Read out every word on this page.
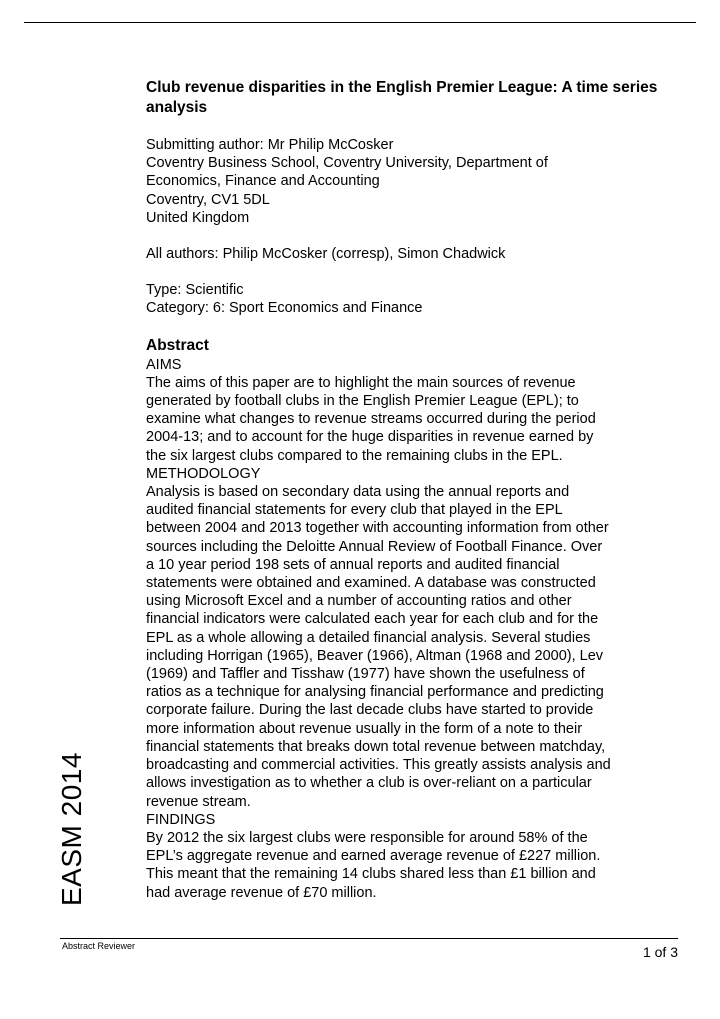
Club revenue disparities in the English Premier League: A time series analysis
Submitting author: Mr Philip McCosker
Coventry Business School, Coventry University, Department of
Economics, Finance and Accounting
Coventry, CV1 5DL
United Kingdom
All authors: Philip McCosker (corresp), Simon Chadwick
Type: Scientific
Category: 6: Sport Economics and Finance
Abstract
AIMS
The aims of this paper are to highlight the main sources of revenue
generated by football clubs in the English Premier League (EPL); to
examine what changes to revenue streams occurred during the period
2004-13; and to account for the huge disparities in revenue earned by
the six largest clubs compared to the remaining clubs in the EPL.
METHODOLOGY
Analysis is based on secondary data using the annual reports and
audited financial statements for every club that played in the EPL
between 2004 and 2013 together with accounting information from other
sources including the Deloitte Annual Review of Football Finance. Over
a 10 year period 198 sets of annual reports and audited financial
statements were obtained and examined. A database was constructed
using Microsoft Excel and a number of accounting ratios and other
financial indicators were calculated each year for each club and for the
EPL as a whole allowing a detailed financial analysis. Several studies
including Horrigan (1965), Beaver (1966), Altman (1968 and 2000), Lev
(1969) and Taffler and Tisshaw (1977) have shown the usefulness of
ratios as a technique for analysing financial performance and predicting
corporate failure. During the last decade clubs have started to provide
more information about revenue usually in the form of a note to their
financial statements that breaks down total revenue between matchday,
broadcasting and commercial activities. This greatly assists analysis and
allows investigation as to whether a club is over-reliant on a particular
revenue stream.
FINDINGS
By 2012 the six largest clubs were responsible for around 58% of the
EPL’s aggregate revenue and earned average revenue of £227 million.
This meant that the remaining 14 clubs shared less than £1 billion and
had average revenue of £70 million.
EASM 2014
Abstract Reviewer	1 of 3
